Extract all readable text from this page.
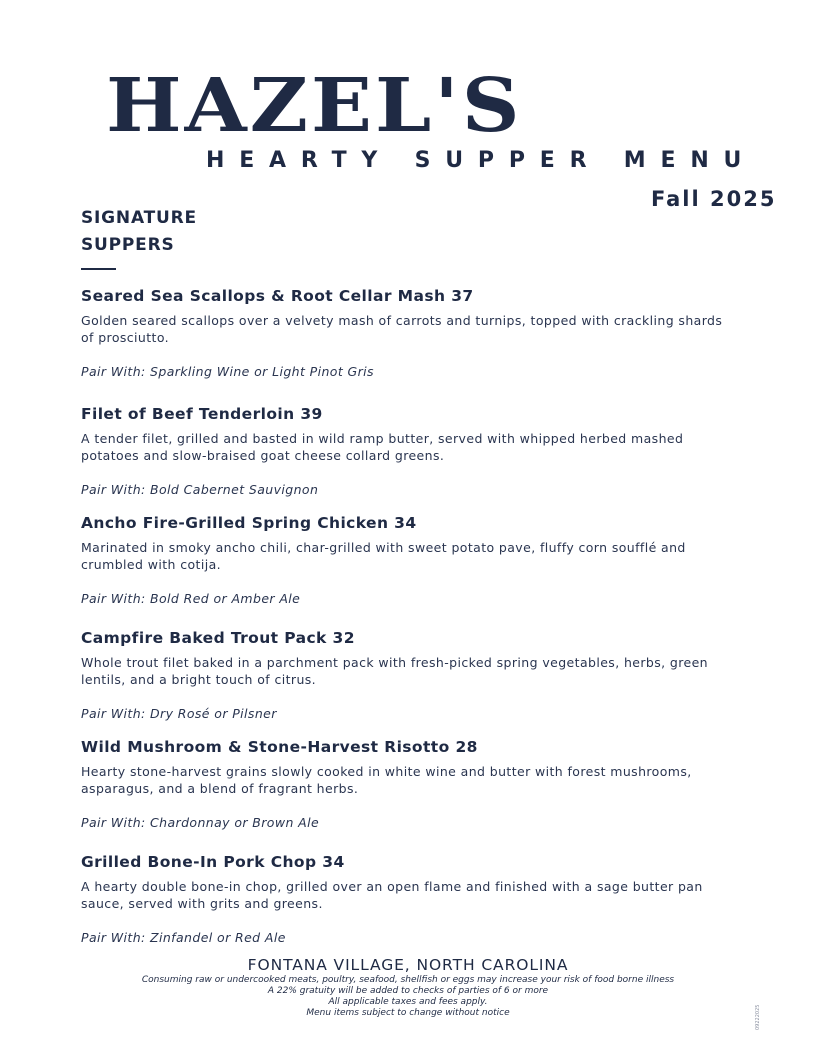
HAZEL'S
HEARTY SUPPER MENU
Fall 2025
SIGNATURE SUPPERS
Seared Sea Scallops & Root Cellar Mash 37
Golden seared scallops over a velvety mash of carrots and turnips, topped with crackling shards of prosciutto.
Pair With: Sparkling Wine or Light Pinot Gris
Filet of Beef Tenderloin 39
A tender filet, grilled and basted in wild ramp butter, served with whipped herbed mashed potatoes and slow-braised goat cheese collard greens.
Pair With: Bold Cabernet Sauvignon
Ancho Fire-Grilled Spring Chicken 34
Marinated in smoky ancho chili, char-grilled with sweet potato pave, fluffy corn soufflé and crumbled with cotija.
Pair With: Bold Red or Amber Ale
Campfire Baked Trout Pack 32
Whole trout filet baked in a parchment pack with fresh-picked spring vegetables, herbs, green lentils, and a bright touch of citrus.
Pair With: Dry Rosé or Pilsner
Wild Mushroom & Stone-Harvest Risotto 28
Hearty stone-harvest grains slowly cooked in white wine and butter with forest mushrooms, asparagus, and a blend of fragrant herbs.
Pair With: Chardonnay or Brown Ale
Grilled Bone-In Pork Chop 34
A hearty double bone-in chop, grilled over an open flame and finished with a sage butter pan sauce, served with grits and greens.
Pair With: Zinfandel or Red Ale
FONTANA VILLAGE, NORTH CAROLINA
Consuming raw or undercooked meats, poultry, seafood, shellfish or eggs may increase your risk of food borne illness
A 22% gratuity will be added to checks of parties of 6 or more
All applicable taxes and fees apply.
Menu items subject to change without notice	09222025
